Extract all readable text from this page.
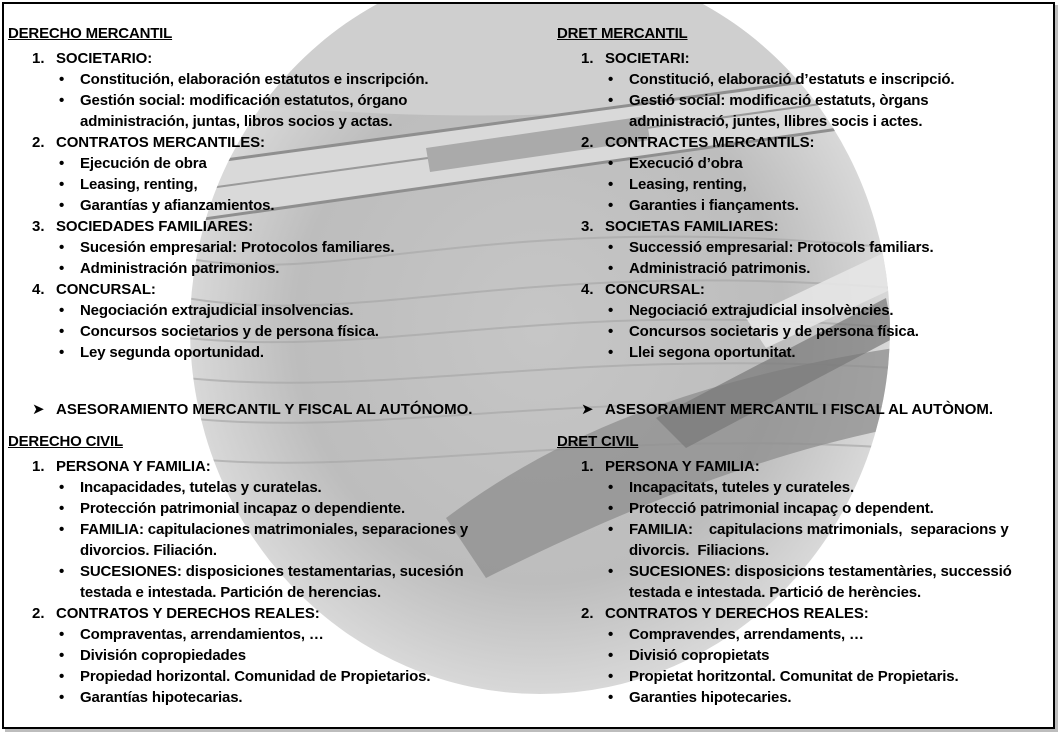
DERECHO MERCANTIL
1. SOCIETARIO:
• Constitución, elaboración estatutos e inscripción.
• Gestión social: modificación estatutos, órgano administración, juntas, libros socios y actas.
2. CONTRATOS MERCANTILES:
• Ejecución de obra
• Leasing, renting,
• Garantías y afianzamientos.
3. SOCIEDADES FAMILIARES:
• Sucesión empresarial: Protocolos familiares.
• Administración patrimonios.
4. CONCURSAL:
• Negociación extrajudicial insolvencias.
• Concursos societarios y de persona física.
• Ley segunda oportunidad.
➤ ASESORAMIENTO MERCANTIL Y FISCAL AL AUTÓNOMO.
DERECHO CIVIL
1. PERSONA Y FAMILIA:
• Incapacidades, tutelas y curatelas.
• Protección patrimonial incapaz o dependiente.
• FAMILIA: capitulaciones matrimoniales, separaciones y divorcios. Filiación.
• SUCESIONES: disposiciones testamentarias, sucesión testada e intestada. Partición de herencias.
2. CONTRATOS Y DERECHOS REALES:
• Compraventas, arrendamientos, …
• División copropiedades
• Propiedad horizontal. Comunidad de Propietarios.
• Garantías hipotecarias.
DRET MERCANTIL
1. SOCIETARI:
• Constitució, elaboració d’estatuts e inscripció.
• Gestió social: modificació estatuts, òrgans administració, juntes, llibres socis i actes.
2. CONTRACTES MERCANTILS:
• Execució d’obra
• Leasing, renting,
• Garanties i fiançaments.
3. SOCIETAS FAMILIARES:
• Successió empresarial: Protocols familiars.
• Administració patrimonis.
4. CONCURSAL:
• Negociació extrajudicial insolvències.
• Concursos societaris y de persona física.
• Llei segona oportunitat.
➤ ASESORAMIENT MERCANTIL I FISCAL AL AUTÒNOM.
DRET CIVIL
1. PERSONA Y FAMILIA:
• Incapacitats, tuteles y curateles.
• Protecció patrimonial incapaç o dependent.
• FAMILIA:    capitulacions matrimonials,  separacions y divorcis.  Filiacions.
• SUCESIONES: disposicions testamentàries, successió testada e intestada. Partició de herències.
2. CONTRATOS Y DERECHOS REALES:
• Compravendes, arrendaments, …
• Divisió copropietats
• Propietat horitzontal. Comunitat de Propietaris.
• Garanties hipotecaries.
